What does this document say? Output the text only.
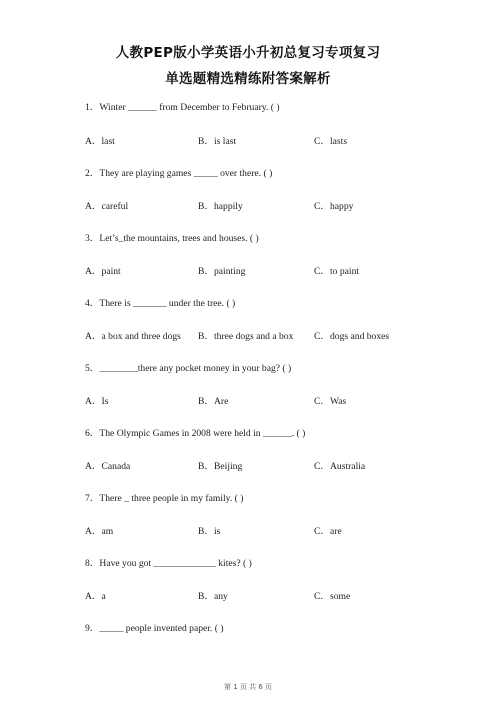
人教PEP版小学英语小升初总复习专项复习
单选题精选精练附答案解析
1．Winter ______ from December to February. ( )
A．last	B．is last	C．lasts
2．They are playing games _____ over there. ( )
A．careful	B．happily	C．happy
3．Let’s_the mountains, trees and houses. ( )
A．paint	B．painting	C．to paint
4．There is _______ under the tree. ( )
A．a box and three dogs B．three dogs and a box C．dogs and boxes
5．________there any pocket money in your bag? ( )
A．Is	B．Are	C．Was
6．The Olympic Games in 2008 were held in ______. ( )
A．Canada	B．Beijing	C．Australia
7．There _ three people in my family. ( )
A．am	B．is	C．are
8．Have you got _____________ kites? ( )
A．a	B．any	C．some
9．_____ people invented paper. ( )
第 1 页 共 6 页
